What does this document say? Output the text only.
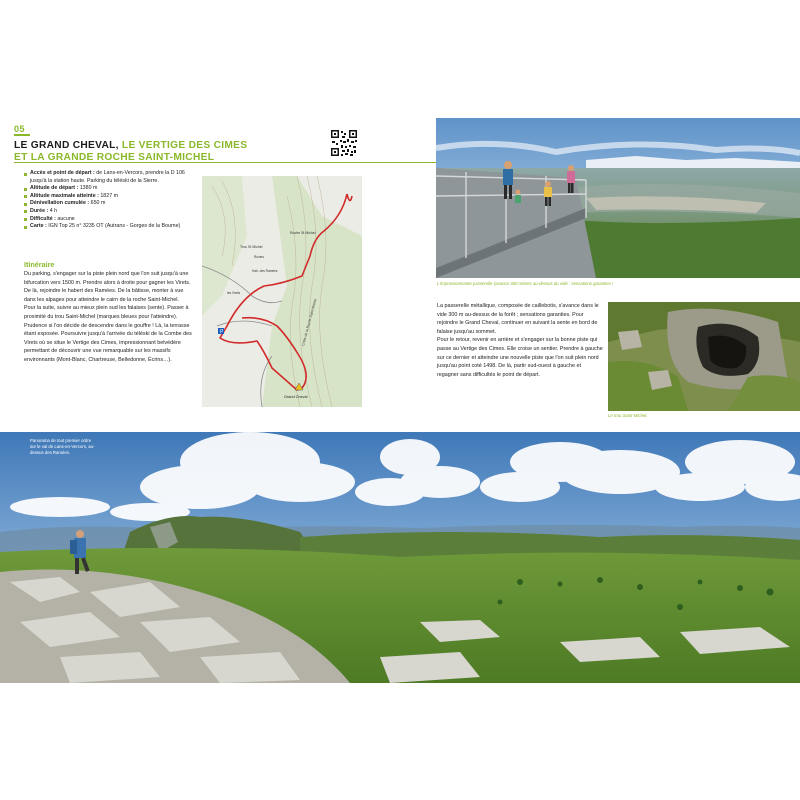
05
LE GRAND CHEVAL, LE VERTIGE DES CIMES
ET LA GRANDE ROCHE SAINT-MICHEL
Accès et point de départ : de Lans-en-Vercors, prendre la D 106 jusqu'à la station haute. Parking du téléski de la Sierre.
Altitude de départ : 1380 m
Altitude maximale atteinte : 1827 m
Dénivellation cumulée : 650 m
Durée : 4 h
Difficulté : aucune
Carte : IGN Top 25 n° 3235 OT (Autrans - Gorges de la Bourne)
Itinéraire

Du parking, s'engager sur la piste plein nord que l'on suit jusqu'à une bifurcation vers 1500 m. Prendre alors à droite pour gagner les Virets. De là, rejoindre le habert des Ramées. De la bâtisse, monter à vue dans les alpages pour atteindre le cairn de la roche Saint-Michel.

Pour la suite, suivre au mieux plein sud les falaises (sente). Passer à proximité du trou Saint-Michel (marques bleues pour l'atteindre). Prudence si l'on décide de descendre dans le gouffre ! Là, la terrasse étant exposée. Poursuivre jusqu'à l'arrivée du téléski de la Combe des Virets où se situe le Vertige des Cimes, impressionnant belvédère permettant de découvrir une vue remarquable sur les massifs environnants (Mont-Blanc, Chartreuse, Belledonne, Écrins…).

P
Roche St Michel
Trou St Michel
Ruines
Hab. des Ramées
les Virets
Crête de la Roche Saint-Michel
Grand Cheval
L'impressionnante passerelle (avance 300 mètres au-dessus du vide : sensations garanties !

La passerelle métallique, composée de caillebotis, s'avance dans le vide 300 m au-dessus de la forêt ; sensations garanties. Pour rejoindre le Grand Cheval, continuer en suivant la sente en bord de falaise jusqu'au sommet.

Pour le retour, revenir en arrière et s'engager sur la bonne piste qui passe au Vertige des Cimes. Elle croise un sentier. Prendre à gauche sur ce dernier et atteindre une nouvelle piste que l'on suit plein nord jusqu'au point coté 1498. De là, partir sud-ouest à gauche et regagner sans difficultés le point de départ.

Le trou Saint-Michel.
Panorama de tout premier ordre sur le val de Lans-en-Vercors, au-dessus des Ramées.
